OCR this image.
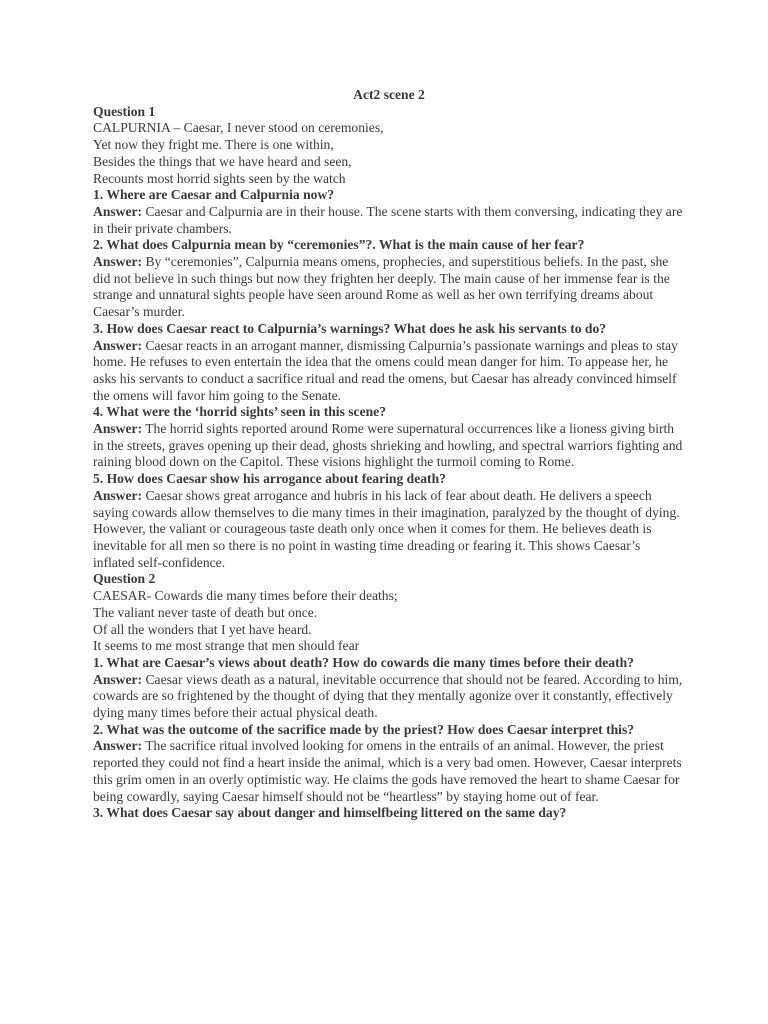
Act2 scene 2

Question 1

CALPURNIA – Caesar, I never stood on ceremonies,

Yet now they fright me. There is one within,

Besides the things that we have heard and seen,

Recounts most horrid sights seen by the watch

1. Where are Caesar and Calpurnia now?

Answer: Caesar and Calpurnia are in their house. The scene starts with them conversing, indicating they are in their private chambers.

2. What does Calpurnia mean by “ceremonies”?. What is the main cause of her fear?

Answer: By “ceremonies”, Calpurnia means omens, prophecies, and superstitious beliefs. In the past, she did not believe in such things but now they frighten her deeply. The main cause of her immense fear is the strange and unnatural sights people have seen around Rome as well as her own terrifying dreams about Caesar’s murder.

3. How does Caesar react to Calpurnia’s warnings? What does he ask his servants to do?

Answer: Caesar reacts in an arrogant manner, dismissing Calpurnia’s passionate warnings and pleas to stay home. He refuses to even entertain the idea that the omens could mean danger for him. To appease her, he asks his servants to conduct a sacrifice ritual and read the omens, but Caesar has already convinced himself the omens will favor him going to the Senate.

4. What were the ‘horrid sights’ seen in this scene?

Answer: The horrid sights reported around Rome were supernatural occurrences like a lioness giving birth in the streets, graves opening up their dead, ghosts shrieking and howling, and spectral warriors fighting and raining blood down on the Capitol. These visions highlight the turmoil coming to Rome.

5. How does Caesar show his arrogance about fearing death?

Answer: Caesar shows great arrogance and hubris in his lack of fear about death. He delivers a speech saying cowards allow themselves to die many times in their imagination, paralyzed by the thought of dying. However, the valiant or courageous taste death only once when it comes for them. He believes death is inevitable for all men so there is no point in wasting time dreading or fearing it. This shows Caesar’s inflated self-confidence.

Question 2

CAESAR- Cowards die many times before their deaths;

The valiant never taste of death but once.

Of all the wonders that I yet have heard.

It seems to me most strange that men should fear

1. What are Caesar’s views about death? How do cowards die many times before their death?

Answer: Caesar views death as a natural, inevitable occurrence that should not be feared. According to him, cowards are so frightened by the thought of dying that they mentally agonize over it constantly, effectively dying many times before their actual physical death.

2. What was the outcome of the sacrifice made by the priest? How does Caesar interpret this?

Answer: The sacrifice ritual involved looking for omens in the entrails of an animal. However, the priest reported they could not find a heart inside the animal, which is a very bad omen. However, Caesar interprets this grim omen in an overly optimistic way. He claims the gods have removed the heart to shame Caesar for being cowardly, saying Caesar himself should not be “heartless” by staying home out of fear.

3. What does Caesar say about danger and himselfbeing littered on the same day?
